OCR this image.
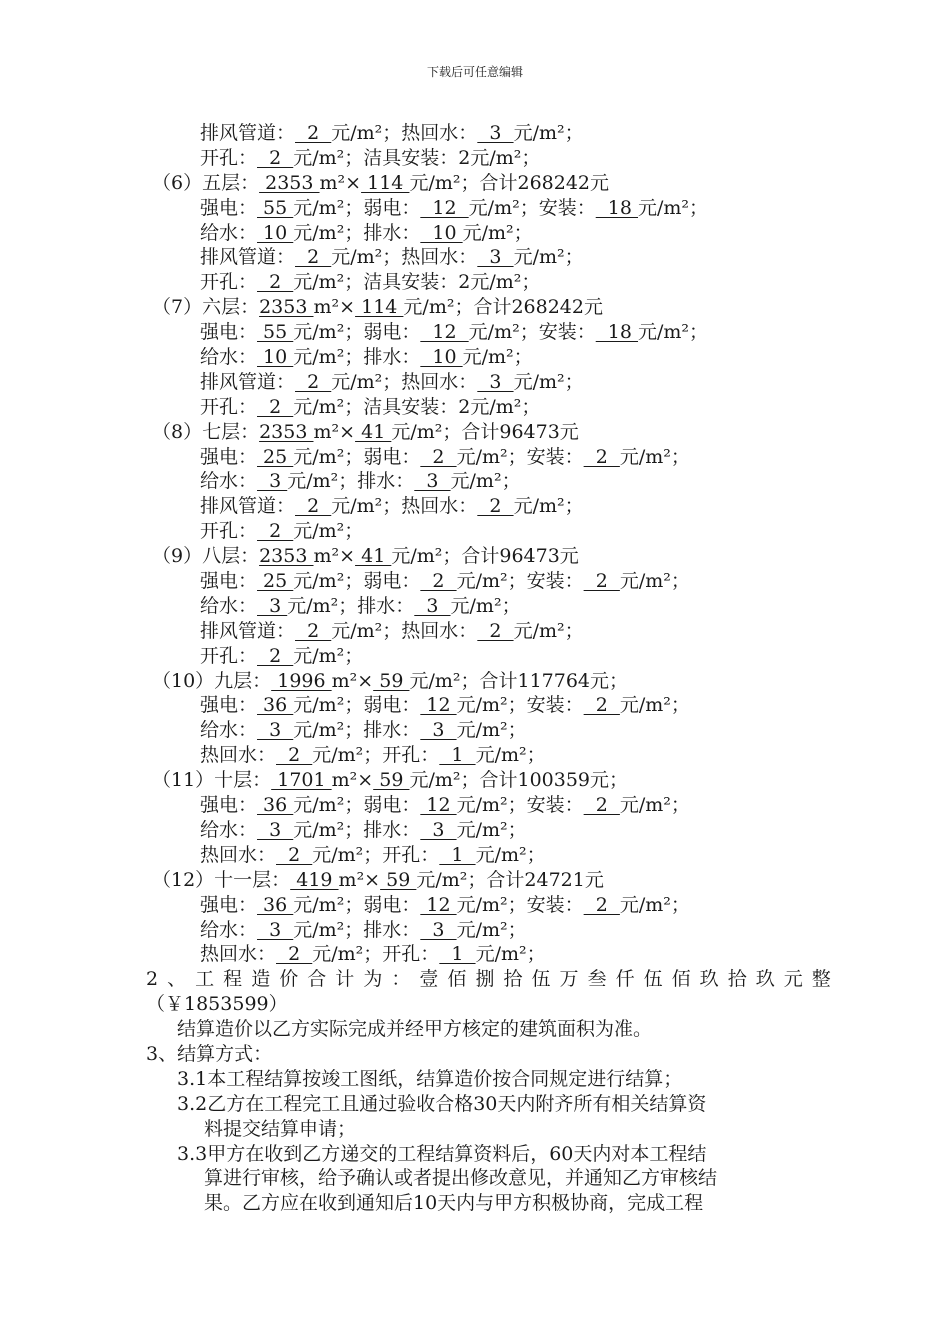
下载后可任意编辑
排风管道：  2  元/m²；热回水：  3  元/m²；
开孔：  2  元/m²；洁具安装：2元/m²；
（6）五层： 2353 m²× 114 元/m²；合计268242元
强电： 55 元/m²；弱电：  12  元/m²；安装：  18 元/m²；
给水： 10 元/m²；排水：  10 元/m²；
排风管道：  2  元/m²；热回水：  3  元/m²；
开孔：  2  元/m²；洁具安装：2元/m²；
（7）六层：2353 m²× 114 元/m²；合计268242元
强电： 55 元/m²；弱电：  12  元/m²；安装：  18 元/m²；
给水： 10 元/m²；排水：  10 元/m²；
排风管道：  2  元/m²；热回水：  3  元/m²；
开孔：  2  元/m²；洁具安装：2元/m²；
（8）七层：2353 m²× 41 元/m²；合计96473元
强电： 25 元/m²；弱电：  2  元/m²；安装：  2  元/m²；
给水：  3 元/m²；排水：  3  元/m²；
排风管道：  2  元/m²；热回水：  2  元/m²；
开孔：  2  元/m²；
（9）八层：2353 m²× 41 元/m²；合计96473元
强电： 25 元/m²；弱电：  2  元/m²；安装：  2  元/m²；
给水：  3 元/m²；排水：  3  元/m²；
排风管道：  2  元/m²；热回水：  2  元/m²；
开孔：  2  元/m²；
（10）九层： 1996 m²× 59 元/m²；合计117764元；
强电： 36 元/m²；弱电： 12 元/m²；安装：  2  元/m²；
给水：  3  元/m²；排水：  3  元/m²；
热回水：  2  元/m²；开孔：  1  元/m²；
（11）十层： 1701 m²× 59 元/m²；合计100359元；
强电： 36 元/m²；弱电： 12 元/m²；安装：  2  元/m²；
给水：  3  元/m²；排水：  3  元/m²；
热回水：  2  元/m²；开孔：  1  元/m²；
（12）十一层： 419 m²× 59 元/m²；合计24721元
强电： 36 元/m²；弱电： 12 元/m²；安装：  2  元/m²；
给水：  3  元/m²；排水：  3  元/m²；
热回水：  2  元/m²；开孔：  1  元/m²；
2、工程造价合计为：壹佰捌拾伍万叁仟伍佰玖拾玖元整
（￥1853599）
结算造价以乙方实际完成并经甲方核定的建筑面积为准。
3、结算方式：
3.1本工程结算按竣工图纸，结算造价按合同规定进行结算；
3.2乙方在工程完工且通过验收合格30天内附齐所有相关结算资
料提交结算申请；
3.3甲方在收到乙方递交的工程结算资料后，60天内对本工程结
算进行审核，给予确认或者提出修改意见，并通知乙方审核结
果。乙方应在收到通知后10天内与甲方积极协商，完成工程
